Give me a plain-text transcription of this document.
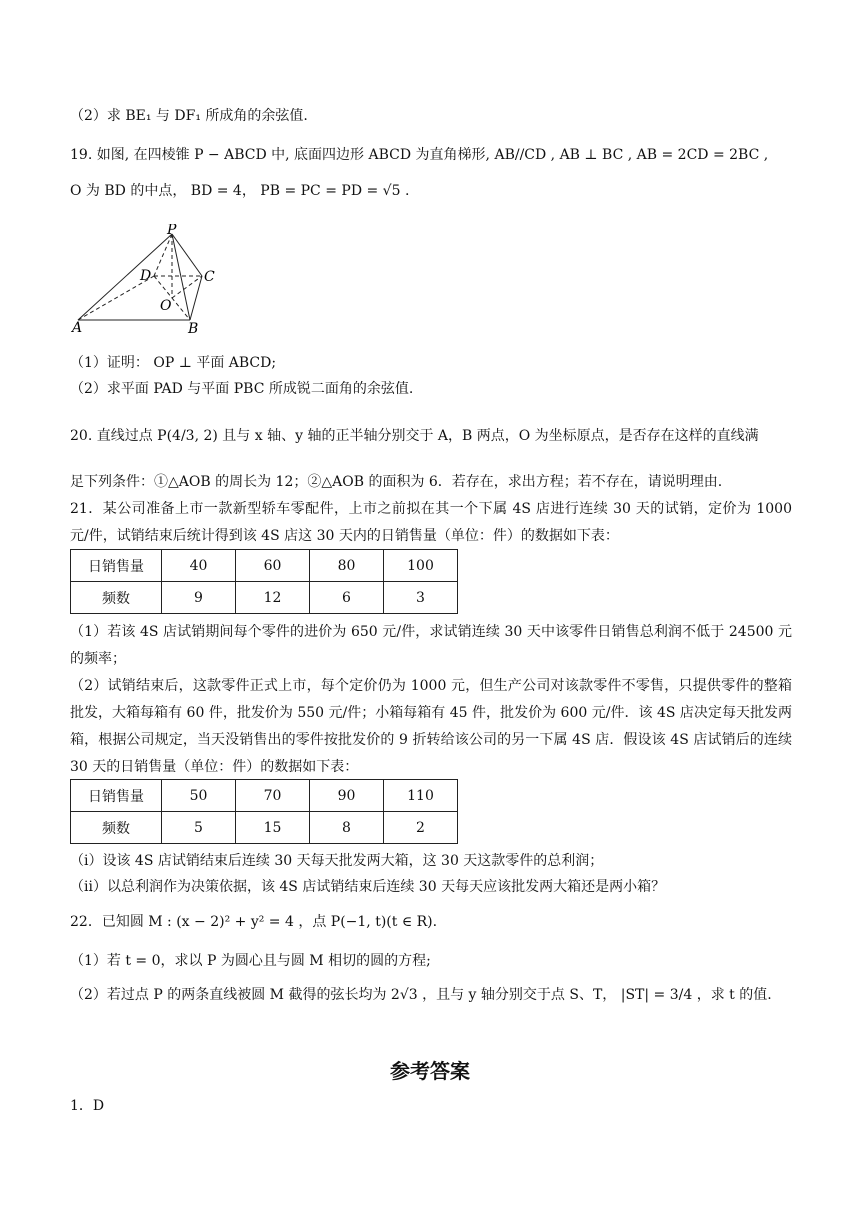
（2）求 BE₁ 与 DF₁ 所成角的余弦值.
19. 如图, 在四棱锥 P − ABCD 中, 底面四边形 ABCD 为直角梯形, AB//CD , AB ⊥ BC , AB = 2CD = 2BC ,
O 为 BD 的中点， BD = 4， PB = PC = PD = √5 .
P
A	B
C
D
O
（1）证明： OP ⊥ 平面 ABCD;
（2）求平面 PAD 与平面 PBC 所成锐二面角的余弦值.
20. 直线过点 P(4/3, 2) 且与 x 轴、y 轴的正半轴分别交于 A，B 两点，O 为坐标原点，是否存在这样的直线满
足下列条件：①△AOB 的周长为 12；②△AOB 的面积为 6．若存在，求出方程；若不存在，请说明理由.
21．某公司准备上市一款新型轿车零配件，上市之前拟在其一个下属 4S 店进行连续 30 天的试销，定价为 1000 元/件，试销结束后统计得到该 4S 店这 30 天内的日销售量（单位：件）的数据如下表：
日销售量	40	60	80	100
频数	9	12	6	3
（1）若该 4S 店试销期间每个零件的进价为 650 元/件，求试销连续 30 天中该零件日销售总利润不低于 24500 元的频率；
（2）试销结束后，这款零件正式上市，每个定价仍为 1000 元，但生产公司对该款零件不零售，只提供零件的整箱批发，大箱每箱有 60 件，批发价为 550 元/件；小箱每箱有 45 件，批发价为 600 元/件．该 4S 店决定每天批发两箱，根据公司规定，当天没销售出的零件按批发价的 9 折转给该公司的另一下属 4S 店．假设该 4S 店试销后的连续 30 天的日销售量（单位：件）的数据如下表：
日销售量	50	70	90	110
频数	5	15	8	2
（ⅰ）设该 4S 店试销结束后连续 30 天每天批发两大箱，这 30 天这款零件的总利润；
（ⅱ）以总利润作为决策依据，该 4S 店试销结束后连续 30 天每天应该批发两大箱还是两小箱？
22．已知圆 M : (x − 2)² + y² = 4 ，点 P(−1, t)(t ∈ R).
（1）若 t = 0，求以 P 为圆心且与圆 M 相切的圆的方程;
（2）若过点 P 的两条直线被圆 M 截得的弦长均为 2√3 ，且与 y 轴分别交于点 S、T， |ST| = 3/4 ，求 t 的值.
参考答案
1．D
